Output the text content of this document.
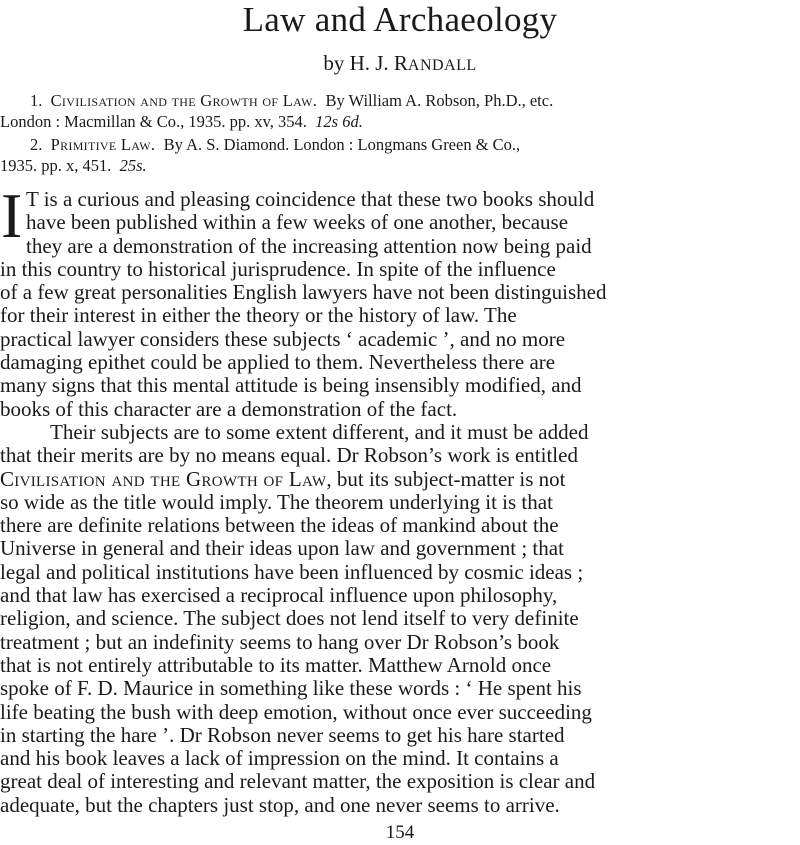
Law and Archaeology
by H. J. RANDALL
1. Civilisation and the Growth of Law. By William A. Robson, Ph.D., etc.
London : Macmillan & Co., 1935. pp. xv, 354. 12s 6d.
2. Primitive Law. By A. S. Diamond. London : Longmans Green & Co.,
1935. pp. x, 451. 25s.
I T is a curious and pleasing coincidence that these two books should
have been published within a few weeks of one another, because
they are a demonstration of the increasing attention now being paid
in this country to historical jurisprudence. In spite of the influence
of a few great personalities English lawyers have not been distinguished
for their interest in either the theory or the history of law. The
practical lawyer considers these subjects ‘ academic ’, and no more
damaging epithet could be applied to them. Nevertheless there are
many signs that this mental attitude is being insensibly modified, and
books of this character are a demonstration of the fact.
Their subjects are to some extent different, and it must be added
that their merits are by no means equal. Dr Robson’s work is entitled
Civilisation and the Growth of Law, but its subject-matter is not
so wide as the title would imply. The theorem underlying it is that
there are definite relations between the ideas of mankind about the
Universe in general and their ideas upon law and government ; that
legal and political institutions have been influenced by cosmic ideas ;
and that law has exercised a reciprocal influence upon philosophy,
religion, and science. The subject does not lend itself to very definite
treatment ; but an indefinity seems to hang over Dr Robson’s book
that is not entirely attributable to its matter. Matthew Arnold once
spoke of F. D. Maurice in something like these words : ‘ He spent his
life beating the bush with deep emotion, without once ever succeeding
in starting the hare ’. Dr Robson never seems to get his hare started
and his book leaves a lack of impression on the mind. It contains a
great deal of interesting and relevant matter, the exposition is clear and
adequate, but the chapters just stop, and one never seems to arrive.
154
